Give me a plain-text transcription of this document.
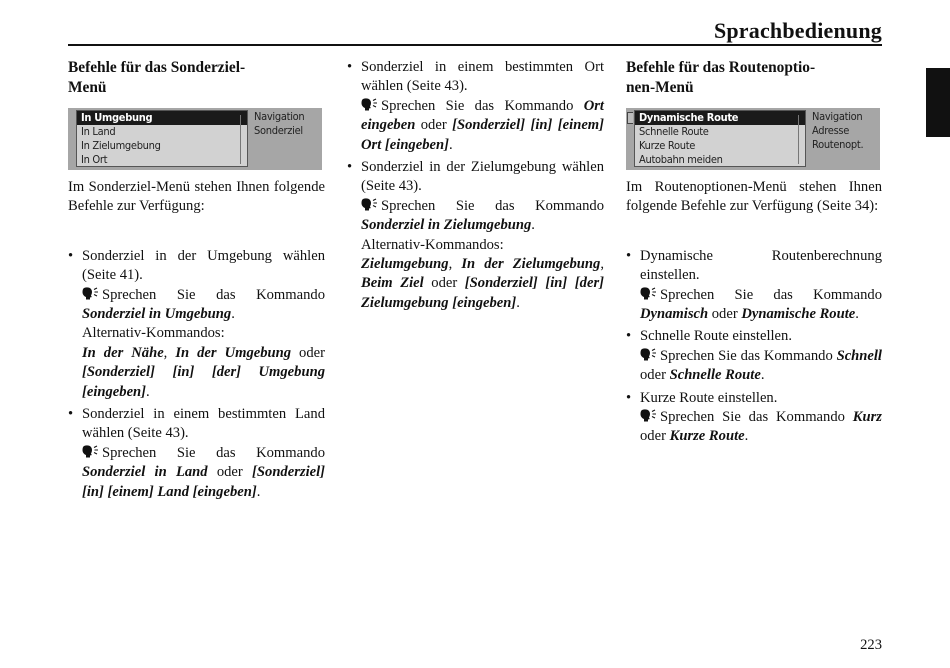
Sprachbedienung
Befehle für das Sonderziel-
Menü
In Umgebung
In Land
In Zielumgebung
In Ort
Navigation
Sonderziel

Im Sonderziel-Menü stehen Ihnen folgende Befehle zur Verfügung:

• Sonderziel in der Umgebung wählen (Seite 41).
Sprechen Sie das Kommando Sonderziel in Umgebung.
Alternativ-Kommandos:
In der Nähe, In der Umgebung oder [Sonderziel] [in] [der] Umgebung [eingeben].
• Sonderziel in einem bestimmten Land wählen (Seite 43).
Sprechen Sie das Kommando Sonderziel in Land oder [Sonderziel] [in] [einem] Land [eingeben].
• Sonderziel in einem bestimmten Ort wählen (Seite 43).
Sprechen Sie das Kommando Ort eingeben oder [Sonderziel] [in] [einem] Ort [eingeben].
• Sonderziel in der Zielumgebung wählen (Seite 43).
Sprechen Sie das Kommando Sonderziel in Zielumgebung.
Alternativ-Kommandos:
Zielumgebung, In der Zielumgebung, Beim Ziel oder [Sonderziel] [in] [der] Zielumgebung [eingeben].
Befehle für das Routenoptio-
nen-Menü
Dynamische Route
Schnelle Route
Kurze Route
Autobahn meiden
Navigation
Adresse
Routenopt.

Im Routenoptionen-Menü stehen Ihnen folgende Befehle zur Verfügung (Seite 34):

• Dynamische Routenberechnung einstellen.
Sprechen Sie das Kommando Dynamisch oder Dynamische Route.
• Schnelle Route einstellen.
Sprechen Sie das Kommando Schnell oder Schnelle Route.
• Kurze Route einstellen.
Sprechen Sie das Kommando Kurz oder Kurze Route.
223
